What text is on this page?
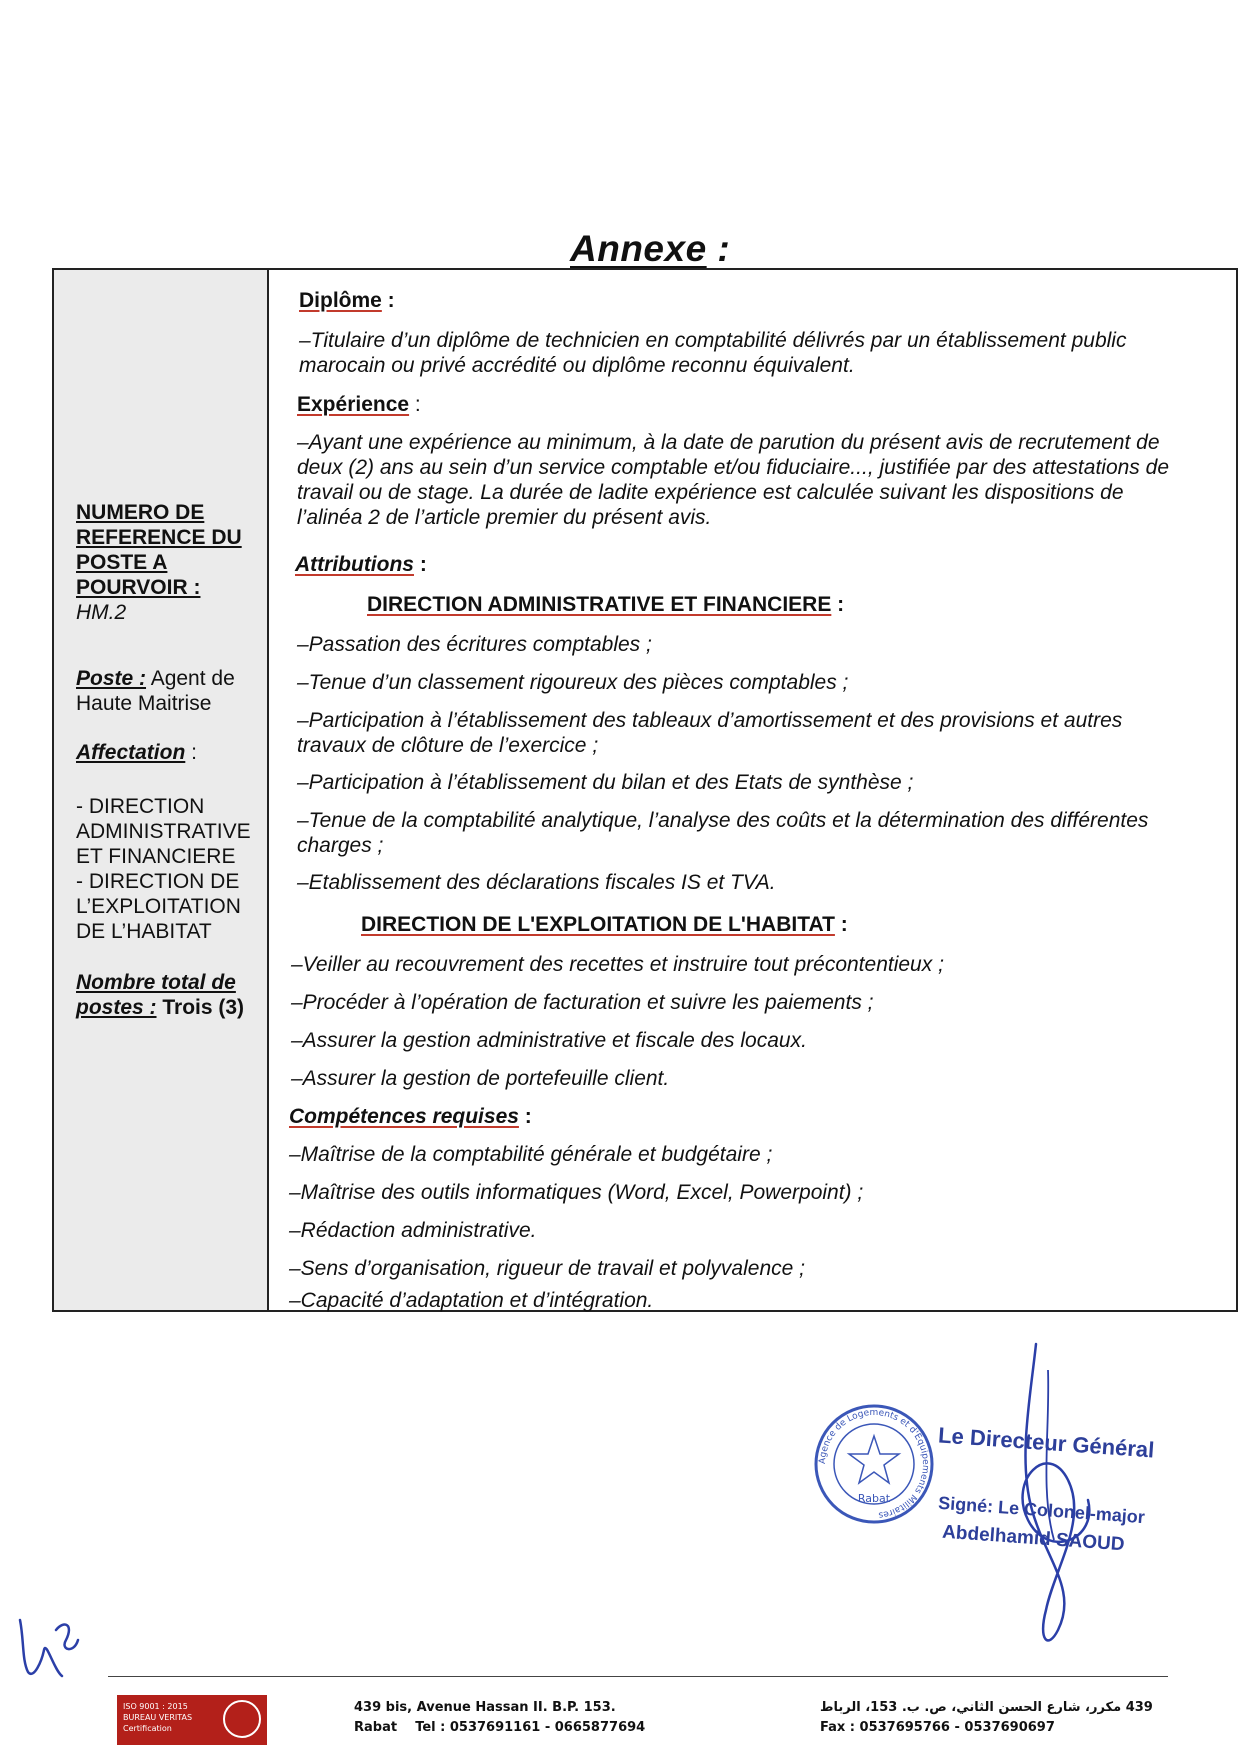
Annexe :
NUMERO DE REFERENCE DU POSTE A POURVOIR :
HM.2
Poste : Agent de Haute Maitrise
Affectation :
- DIRECTION ADMINISTRATIVE ET FINANCIERE
- DIRECTION DE L’EXPLOITATION DE L’HABITAT
Nombre total de
postes : Trois (3)
Diplôme :
–Titulaire d’un diplôme de technicien en comptabilité délivrés par un établissement public marocain ou privé accrédité ou diplôme reconnu équivalent.
Expérience :
–Ayant une expérience au minimum, à la date de parution du présent avis de recrutement de deux (2) ans au sein d’un service comptable et/ou fiduciaire..., justifiée par des attestations de travail ou de stage. La durée de ladite expérience est calculée suivant les dispositions de l’alinéa 2 de l’article premier du présent avis.
Attributions :
DIRECTION ADMINISTRATIVE ET FINANCIERE :
–Passation des écritures comptables ;
–Tenue d’un classement rigoureux des pièces comptables ;
–Participation à l’établissement des tableaux d’amortissement et des provisions et autres travaux de clôture de l’exercice ;
–Participation à l’établissement du bilan et des Etats de synthèse ;
–Tenue de la comptabilité analytique, l’analyse des coûts et la détermination des différentes charges ;
–Etablissement des déclarations fiscales IS et TVA.
DIRECTION DE L'EXPLOITATION DE L'HABITAT :
–Veiller au recouvrement des recettes et instruire tout précontentieux ;
–Procéder à l’opération de facturation et suivre les paiements ;
–Assurer la gestion administrative et fiscale des locaux.
–Assurer la gestion de portefeuille client.
Compétences requises :
–Maîtrise de la comptabilité générale et budgétaire ;
–Maîtrise des outils informatiques (Word, Excel, Powerpoint) ;
–Rédaction administrative.
–Sens d’organisation, rigueur de travail et polyvalence ;
–Capacité d’adaptation et d’intégration.
Agence de Logements et d'Équipements Militaires
Rabat
Le Directeur Général
Signé: Le Colonel-major
Abdelhamid SAOUD
ISO 9001 : 2015
BUREAU VERITAS
Certification
439 bis, Avenue Hassan II. B.P. 153.
Rabat Tel : 0537691161 - 0665877694
439 مكرر، شارع الحسن الثاني، ص. ب. 153، الرباط
Fax : 0537695766 - 0537690697
